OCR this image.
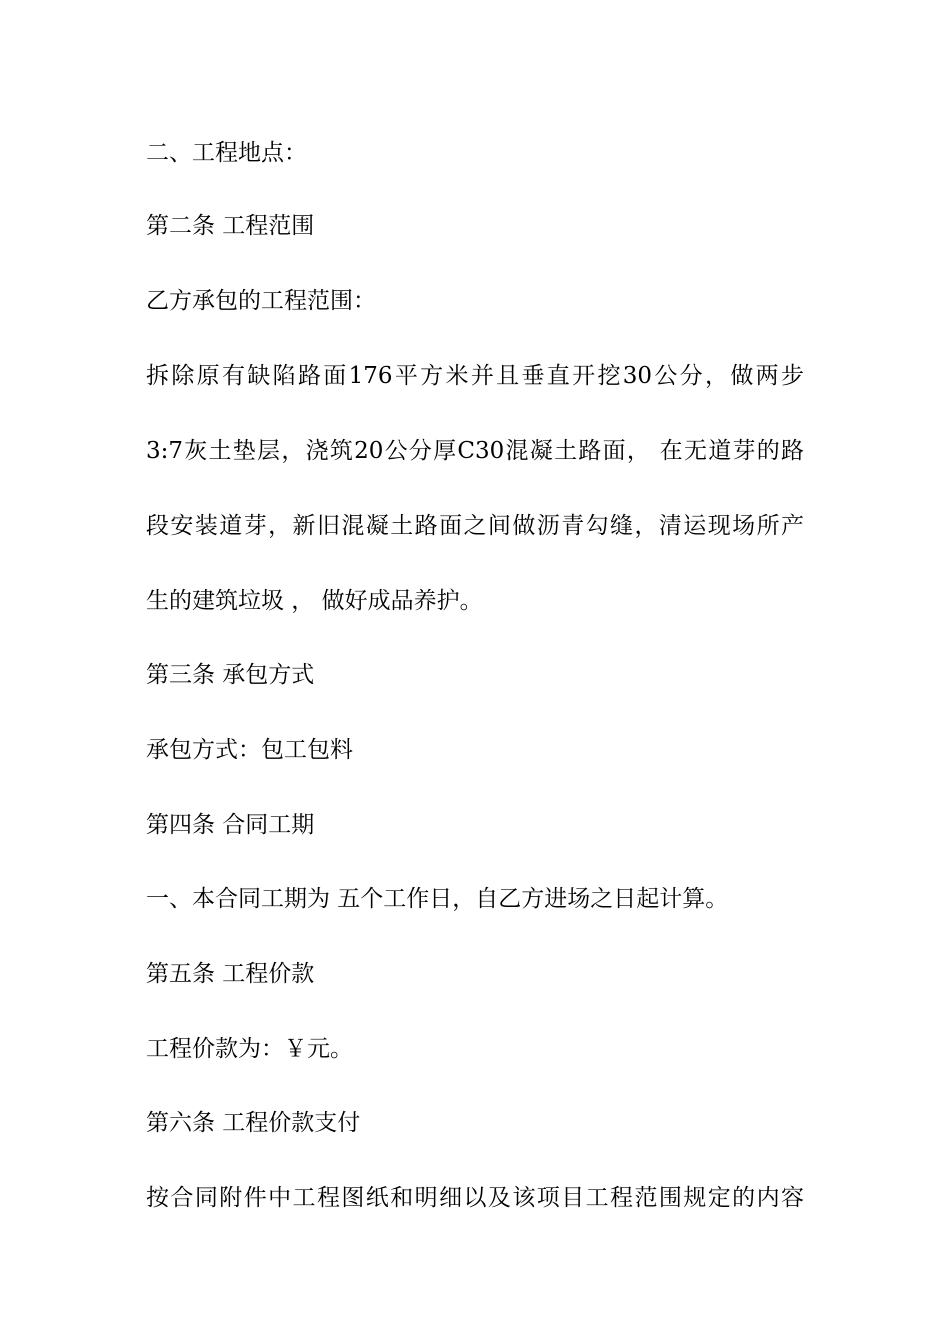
二、工程地点：
第二条 工程范围
乙方承包的工程范围：
拆除原有缺陷路面176平方米并且垂直开挖30公分，做两步
3:7灰土垫层，浇筑20公分厚C30混凝土路面， 在无道芽的路
段安装道芽，新旧混凝土路面之间做沥青勾缝，清运现场所产
生的建筑垃圾 ， 做好成品养护。
第三条 承包方式
承包方式：包工包料
第四条 合同工期
一、本合同工期为 五个工作日，自乙方进场之日起计算。
第五条 工程价款
工程价款为：￥元。
第六条 工程价款支付
按合同附件中工程图纸和明细以及该项目工程范围规定的内容
